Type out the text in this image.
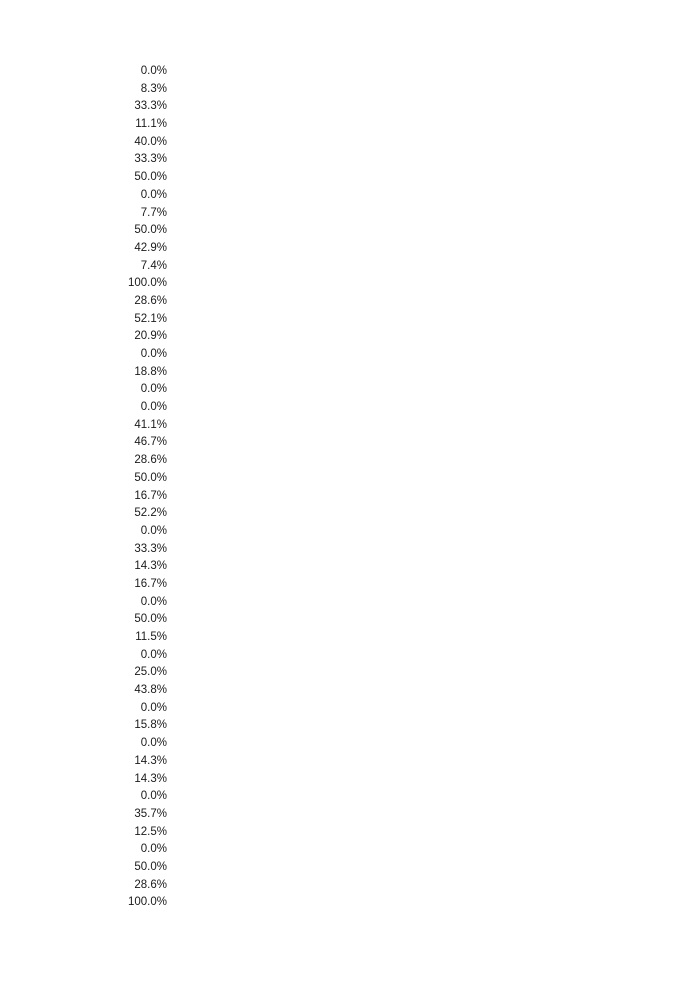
0.0%
8.3%
33.3%
11.1%
40.0%
33.3%
50.0%
0.0%
7.7%
50.0%
42.9%
7.4%
100.0%
28.6%
52.1%
20.9%
0.0%
18.8%
0.0%
0.0%
41.1%
46.7%
28.6%
50.0%
16.7%
52.2%
0.0%
33.3%
14.3%
16.7%
0.0%
50.0%
11.5%
0.0%
25.0%
43.8%
0.0%
15.8%
0.0%
14.3%
14.3%
0.0%
35.7%
12.5%
0.0%
50.0%
28.6%
100.0%
